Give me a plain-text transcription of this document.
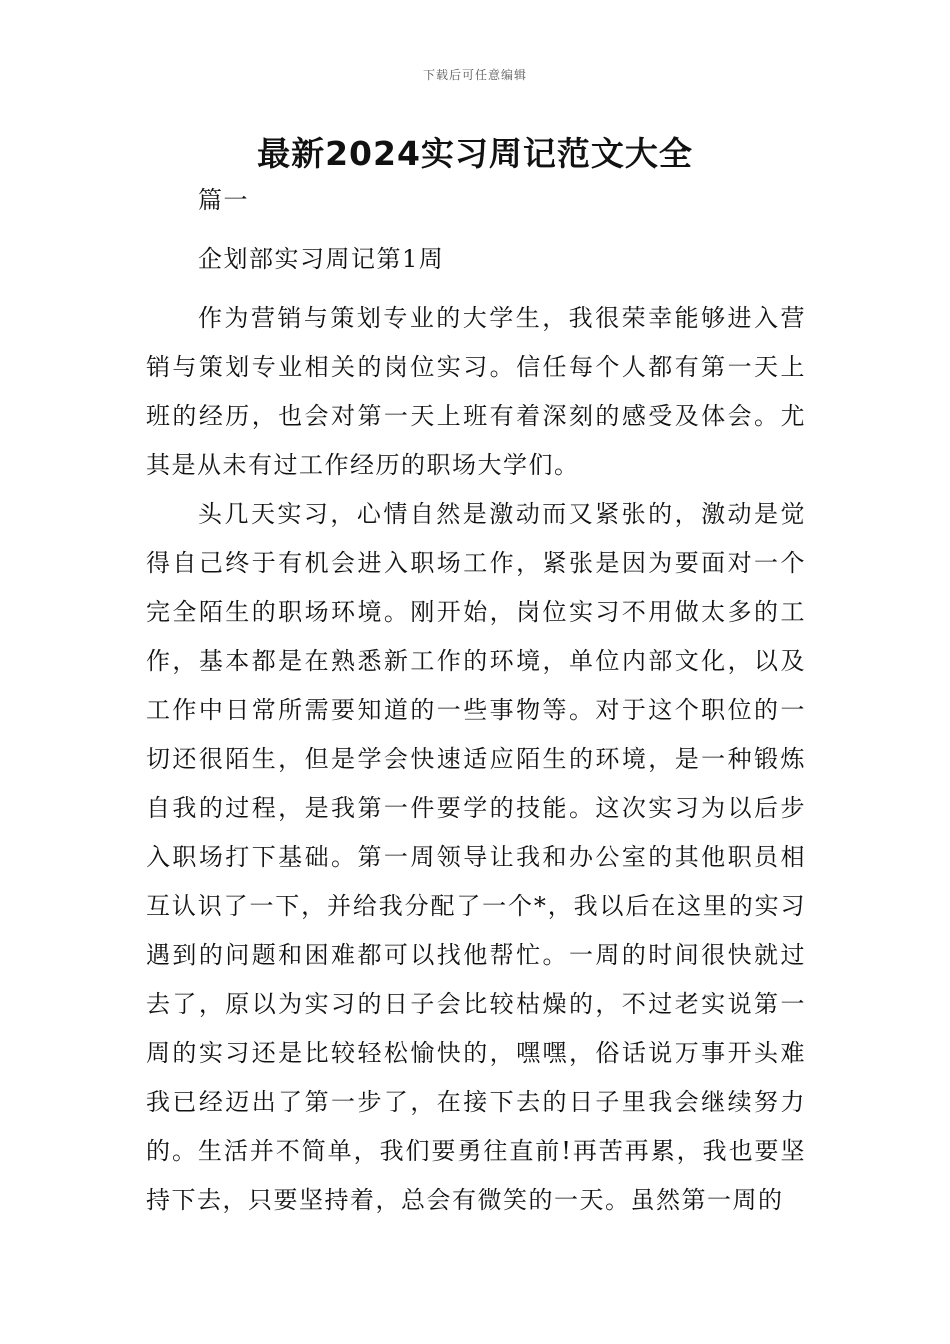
下载后可任意编辑
最新2024实习周记范文大全

篇一

企划部实习周记第1周

作为营销与策划专业的大学生，我很荣幸能够进入营销与策划专业相关的岗位实习。信任每个人都有第一天上班的经历，也会对第一天上班有着深刻的感受及体会。尤其是从未有过工作经历的职场大学们。

头几天实习，心情自然是激动而又紧张的，激动是觉得自己终于有机会进入职场工作，紧张是因为要面对一个完全陌生的职场环境。刚开始，岗位实习不用做太多的工作，基本都是在熟悉新工作的环境，单位内部文化，以及工作中日常所需要知道的一些事物等。对于这个职位的一切还很陌生，但是学会快速适应陌生的环境，是一种锻炼自我的过程，是我第一件要学的技能。这次实习为以后步入职场打下基础。第一周领导让我和办公室的其他职员相互认识了一下，并给我分配了一个*，我以后在这里的实习遇到的问题和困难都可以找他帮忙。一周的时间很快就过去了，原以为实习的日子会比较枯燥的，不过老实说第一周的实习还是比较轻松愉快的，嘿嘿，俗话说万事开头难我已经迈出了第一步了，在接下去的日子里我会继续努力的。生活并不简单，我们要勇往直前!再苦再累，我也要坚持下去，只要坚持着，总会有微笑的一天。虽然第一周的
